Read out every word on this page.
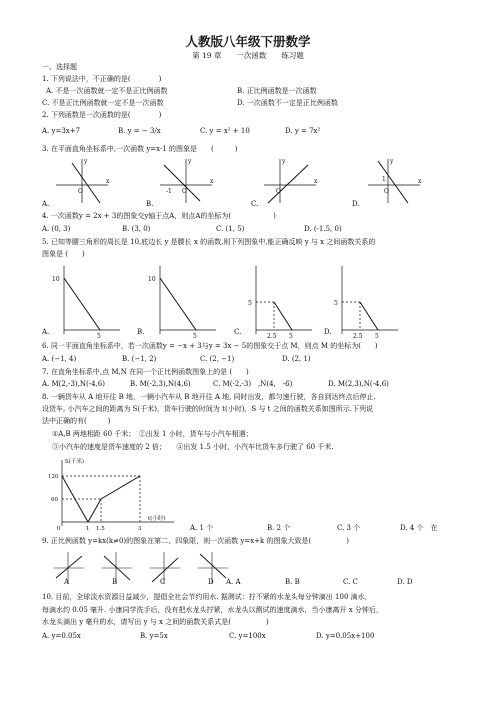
人教版八年级下册数学
第 19 章　　一次函数　　练习题
一、选择题
1. 下列说法中，不正确的是(　　　　)
A. 不是一次函数就一定不是正比例函数	B. 正比例函数是一次函数
C. 不是正比例函数就一定不是一次函数	D. 一次函数不一定是正比例函数
2. 下列函数是一次函数的是(　　　　)
A. y=3x+7	B. y = − 3/x	C. y = x² + 10	D. y = 7x²
3. 在平面直角坐标系中,一次函数 y=x-1 的图象是　　(　　　)
O
y
x
-1 O
y
x
O
y
x
O
y
x
1
A.	B.	C.	D.
4. 一次函数y = 2x + 3的图象交y轴于点A，则点A的坐标为(　　　　　　)
A. (0, 3)	B. (3, 0)	C. (1, 5)	D. (-1.5, 0)
5. 已知等腰三角形的周长是 10,底边长 y 是腰长 x 的函数,则下列图象中,能正确反映 y 与 x 之间函数关系的
图象是 (　　)
10
5
10
5
5
2.5 5
5
2.5 5
A.	B.	C.	D.
6. 同一平面直角坐标系中，若一次函数y = −x + 3与y = 3x − 5的图象交于点 M，则点 M 的坐标为(　　)
A. (−1, 4)	B. (−1, 2)	C. (2, −1)	D. (2, 1)
7. 在直角坐标系中,点 M,N 在同一个正比例函数图象上的是 (　　)
A. M(2,-3),N(-4,6)	B. M(-2,3),N(4,6)	C. M(-2,-3)　,N(4,　-6)	D. M(2,3),N(-4,6)
8. 一辆货车从 A 地开往 B 地，一辆小汽车从 B 地开往 A 地, 同时出发，都匀速行驶，各自到达终点后停止.
设货车, 小汽车之间的距离为 S(千米)，货车行驶的时间为 t(小时)，S 与 t 之间的函数关系如图所示.下列说
法中正确的有(　　　)
①A,B 两地相距 60 千米；　②出发 1 小时，货车与小汽车相遇；
③小汽车的速度是货车速度的 2 倍；　　④出发 1.5 小时，小汽车比货车多行驶了 60 千米.
S(千米)
t(小时)
120
60
0	1 1.5	3	A. 1 个	B. 2 个	C. 3 个	D. 4 个　在
9. 正比例函数 y=kx(k≠0)的图象在第二、四象限，则一次函数 y=x+k 的图象大致是(　　　　　)
A	B	C	D A. A	B. B	C. C	D. D
10. 目前，全球淡水资源日益减少，提倡全社会节约用水. 据测试：拧不紧的水龙头每分钟滴出 100 滴水，
每滴水约 0.05 毫升. 小康同学洗手后，没有把水龙头拧紧，水龙头以测试的速度滴水，当小康离开 x 分钟后，
水龙头滴出 y 毫升的水，请写出 y 与 x 之间的函数关系式是(　　　　　)
A. y=0.05x	B. y=5x	C. y=100x	D. y=0.05x+100
